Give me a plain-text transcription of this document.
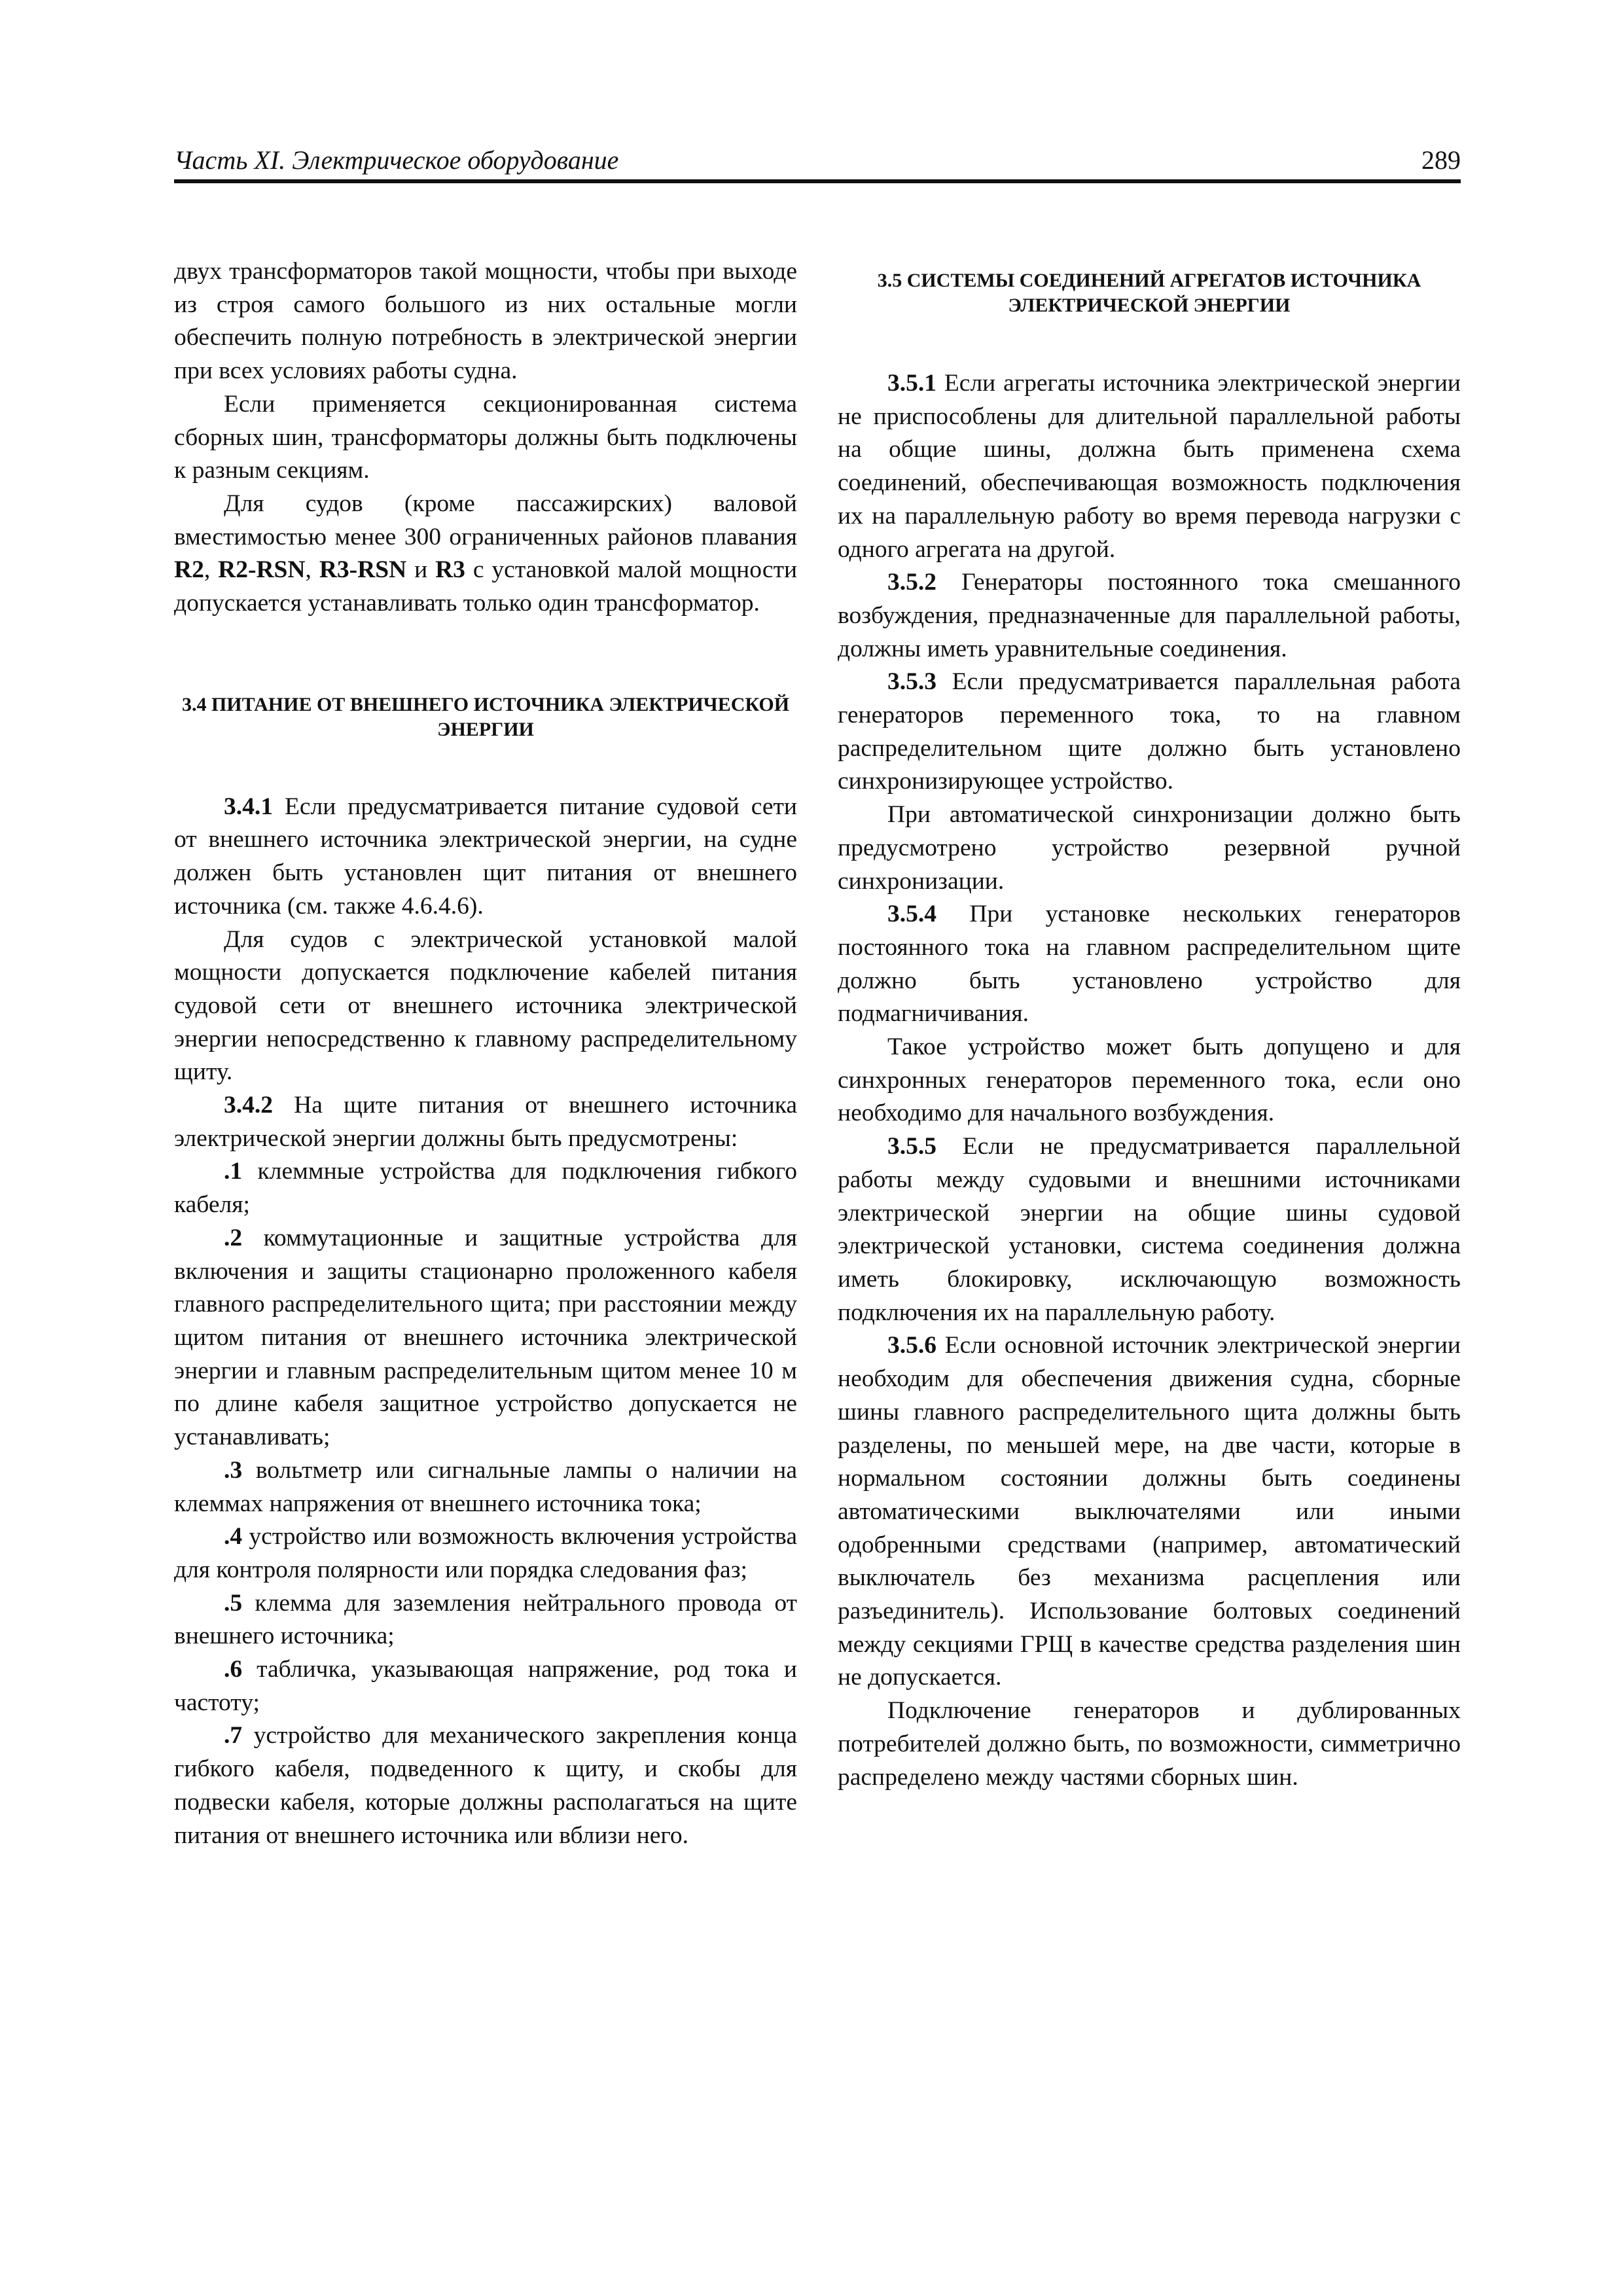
Часть XI. Электрическое оборудование	289

двух трансформаторов такой мощности, чтобы при выходе из строя самого большого из них остальные могли обеспечить полную потребность в электрической энергии при всех условиях работы судна.

Если применяется секционированная система сборных шин, трансформаторы должны быть подключены к разным секциям.

Для судов (кроме пассажирских) валовой вместимостью менее 300 ограниченных районов плавания R2, R2-RSN, R3-RSN и R3 с установкой малой мощности допускается устанавливать только один трансформатор.

3.4 ПИТАНИЕ ОТ ВНЕШНЕГО ИСТОЧНИКА ЭЛЕКТРИЧЕСКОЙ ЭНЕРГИИ

3.4.1 Если предусматривается питание судовой сети от внешнего источника электрической энергии, на судне должен быть установлен щит питания от внешнего источника (см. также 4.6.4.6).

Для судов с электрической установкой малой мощности допускается подключение кабелей питания судовой сети от внешнего источника электрической энергии непосредственно к главному распределительному щиту.

3.4.2 На щите питания от внешнего источника электрической энергии должны быть предусмотрены:

.1 клеммные устройства для подключения гибкого кабеля;

.2 коммутационные и защитные устройства для включения и защиты стационарно проложенного кабеля главного распределительного щита; при расстоянии между щитом питания от внешнего источника электрической энергии и главным распределительным щитом менее 10 м по длине кабеля защитное устройство допускается не устанавливать;

.3 вольтметр или сигнальные лампы о наличии на клеммах напряжения от внешнего источника тока;

.4 устройство или возможность включения устройства для контроля полярности или порядка следования фаз;

.5 клемма для заземления нейтрального провода от внешнего источника;

.6 табличка, указывающая напряжение, род тока и частоту;

.7 устройство для механического закрепления конца гибкого кабеля, подведенного к щиту, и скобы для подвески кабеля, которые должны располагаться на щите питания от внешнего источника или вблизи него.

3.5 СИСТЕМЫ СОЕДИНЕНИЙ АГРЕГАТОВ ИСТОЧНИКА ЭЛЕКТРИЧЕСКОЙ ЭНЕРГИИ

3.5.1 Если агрегаты источника электрической энергии не приспособлены для длительной параллельной работы на общие шины, должна быть применена схема соединений, обеспечивающая возможность подключения их на параллельную работу во время перевода нагрузки с одного агрегата на другой.

3.5.2 Генераторы постоянного тока смешанного возбуждения, предназначенные для параллельной работы, должны иметь уравнительные соединения.

3.5.3 Если предусматривается параллельная работа генераторов переменного тока, то на главном распределительном щите должно быть установлено синхронизирующее устройство.

При автоматической синхронизации должно быть предусмотрено устройство резервной ручной синхронизации.

3.5.4 При установке нескольких генераторов постоянного тока на главном распределительном щите должно быть установлено устройство для подмагничивания.

Такое устройство может быть допущено и для синхронных генераторов переменного тока, если оно необходимо для начального возбуждения.

3.5.5 Если не предусматривается параллельной работы между судовыми и внешними источниками электрической энергии на общие шины судовой электрической установки, система соединения должна иметь блокировку, исключающую возможность подключения их на параллельную работу.

3.5.6 Если основной источник электрической энергии необходим для обеспечения движения судна, сборные шины главного распределительного щита должны быть разделены, по меньшей мере, на две части, которые в нормальном состоянии должны быть соединены автоматическими выключателями или иными одобренными средствами (например, автоматический выключатель без механизма расцепления или разъединитель). Использование болтовых соединений между секциями ГРЩ в качестве средства разделения шин не допускается.

Подключение генераторов и дублированных потребителей должно быть, по возможности, симметрично распределено между частями сборных шин.
